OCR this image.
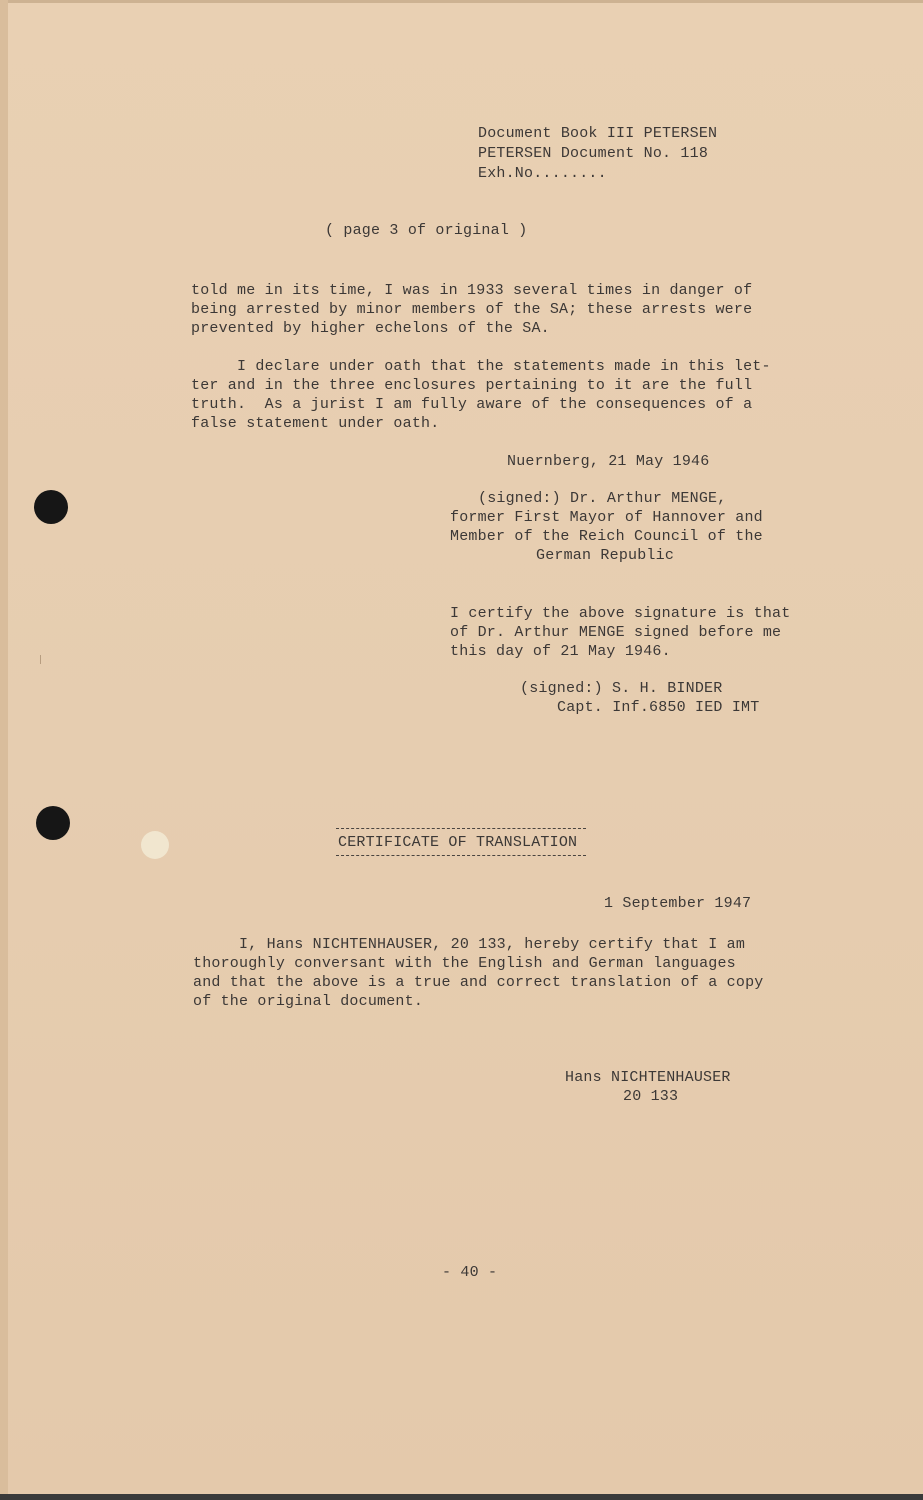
Document Book III PETERSEN
PETERSEN Document No. 118
Exh.No........
( page 3 of original )
told me in its time, I was in 1933 several times in danger of
being arrested by minor members of the SA; these arrests were
prevented by higher echelons of the SA.
I declare under oath that the statements made in this let-
ter and in the three enclosures pertaining to it are the full
truth.  As a jurist I am fully aware of the consequences of a
false statement under oath.
Nuernberg, 21 May 1946
(signed:) Dr. Arthur MENGE,
former First Mayor of Hannover and
Member of the Reich Council of the
German Republic
I certify the above signature is that
of Dr. Arthur MENGE signed before me
this day of 21 May 1946.
(signed:) S. H. BINDER
Capt. Inf.6850 IED IMT
CERTIFICATE OF TRANSLATION
1 September 1947
I, Hans NICHTENHAUSER, 20 133, hereby certify that I am
thoroughly conversant with the English and German languages
and that the above is a true and correct translation of a copy
of the original document.
Hans NICHTENHAUSER
20 133
- 40 -
